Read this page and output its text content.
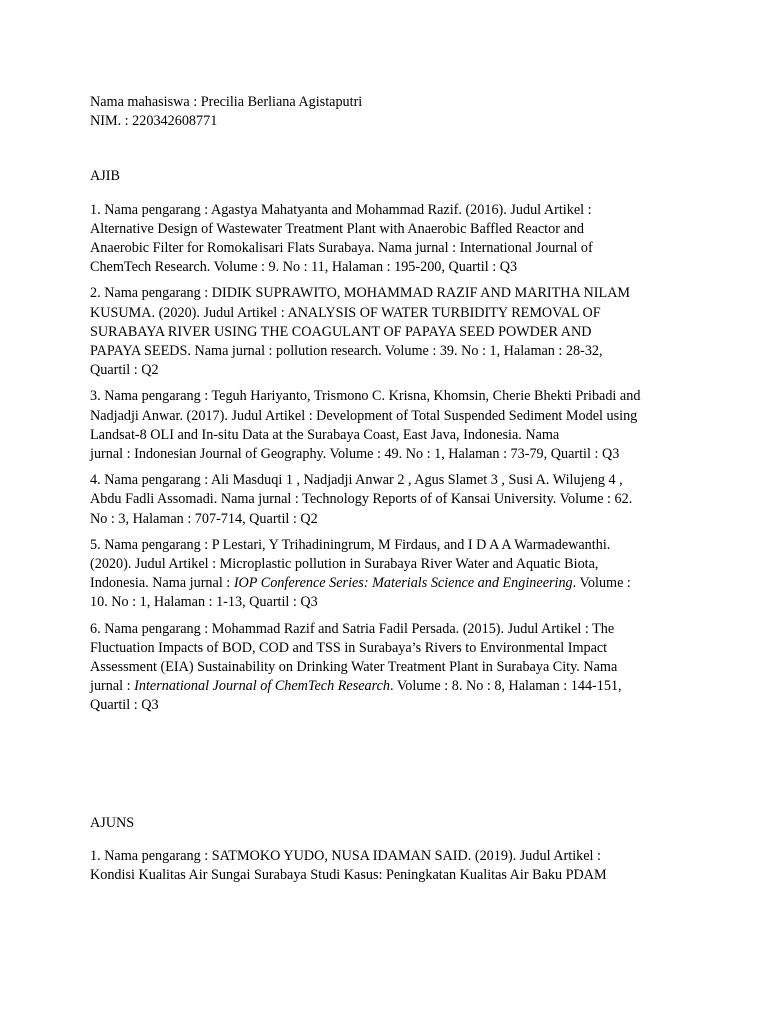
Nama mahasiswa : Precilia Berliana Agistaputri
NIM. : 220342608771
AJIB

1. Nama pengarang : Agastya Mahatyanta and Mohammad Razif. (2016). Judul Artikel :

Alternative Design of Wastewater Treatment Plant with Anaerobic Baffled Reactor and

Anaerobic Filter for Romokalisari Flats Surabaya. Nama jurnal : International Journal of

ChemTech Research. Volume : 9. No : 11, Halaman : 195-200, Quartil : Q3

2. Nama pengarang : DIDIK SUPRAWITO, MOHAMMAD RAZIF AND MARITHA NILAM

KUSUMA. (2020). Judul Artikel : ANALYSIS OF WATER TURBIDITY REMOVAL OF

SURABAYA RIVER USING THE COAGULANT OF PAPAYA SEED POWDER AND

PAPAYA SEEDS. Nama jurnal : pollution research. Volume : 39. No : 1, Halaman : 28-32,

Quartil : Q2

3. Nama pengarang : Teguh Hariyanto, Trismono C. Krisna, Khomsin, Cherie Bhekti Pribadi and

Nadjadji Anwar. (2017). Judul Artikel : Development of Total Suspended Sediment Model using

Landsat-8 OLI and In-situ Data at the Surabaya Coast, East Java, Indonesia. Nama

jurnal : Indonesian Journal of Geography. Volume : 49. No : 1, Halaman : 73-79, Quartil : Q3

4. Nama pengarang : Ali Masduqi 1 , Nadjadji Anwar 2 , Agus Slamet 3 , Susi A. Wilujeng 4 ,

Abdu Fadli Assomadi. Nama jurnal : Technology Reports of of Kansai University. Volume : 62.

No : 3, Halaman : 707-714, Quartil : Q2

5. Nama pengarang : P Lestari, Y Trihadiningrum, M Firdaus, and I D A A Warmadewanthi.

(2020). Judul Artikel : Microplastic pollution in Surabaya River Water and Aquatic Biota,

Indonesia. Nama jurnal : IOP Conference Series: Materials Science and Engineering. Volume :

10. No : 1, Halaman : 1-13, Quartil : Q3

6. Nama pengarang : Mohammad Razif and Satria Fadil Persada. (2015). Judul Artikel : The

Fluctuation Impacts of BOD, COD and TSS in Surabaya’s Rivers to Environmental Impact

Assessment (EIA) Sustainability on Drinking Water Treatment Plant in Surabaya City. Nama

jurnal : International Journal of ChemTech Research. Volume : 8. No : 8, Halaman : 144-151,

Quartil : Q3

AJUNS

1. Nama pengarang : SATMOKO YUDO, NUSA IDAMAN SAID. (2019). Judul Artikel :

Kondisi Kualitas Air Sungai Surabaya Studi Kasus: Peningkatan Kualitas Air Baku PDAM
